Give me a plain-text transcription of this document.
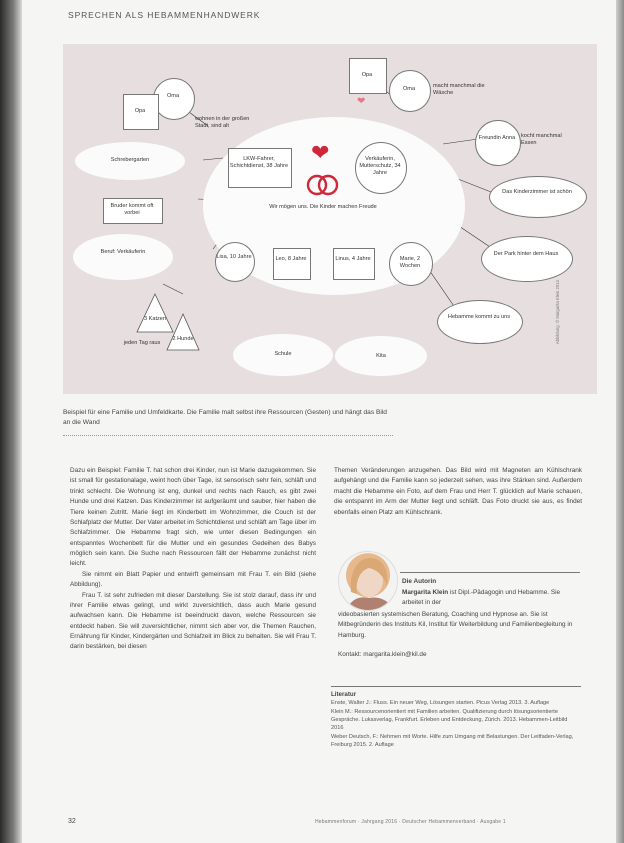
SPRECHEN ALS HEBAMMENHANDWERK
Schrebergarten
Beruf: Verkäuferin
Schule	Kita
Oma
Opa
wohnen in der großen Stadt, sind alt
Opa
Oma	macht manchmal die Wäsche
❤
Bruder kommt oft vorbei
LKW-Fahrer, Schichtdienst, 38 Jahre
Verkäuferin, Mutterschutz, 34 Jahre
❤
Wir mögen uns. Die Kinder machen Freude
Lisa, 10 Jahre	Leo, 8 Jahre	Linus, 4 Jahre	Marie, 2 Wochen
Freundin Anna	kocht manchmal Essen
Das Kinderzimmer ist schön
Der Park hinter dem Haus
Hebamme kommt zu uns
3 Katzen
2 Hunde
jeden Tag raus	Abbildung: © Margarita Klein 2014
Beispiel für eine Familie und Umfeldkarte. Die Familie malt selbst ihre Ressourcen (Gesten) und hängt das Bild an die Wand

Dazu ein Beispiel: Familie T. hat schon drei Kinder, nun ist Marie dazugekommen. Sie ist small für gestationalage, weint hoch über Tage, ist sensorisch sehr fein, schläft und trinkt schlecht. Die Wohnung ist eng, dunkel und rechts nach Rauch, es gibt zwei Hunde und drei Katzen. Das Kinderzimmer ist aufgeräumt und sauber, hier haben die Tiere keinen Zutritt. Marie liegt im Kinderbett im Wohnzimmer, die Couch ist der Schlafplatz der Mutter. Der Vater arbeitet im Schichtdienst und schläft am Tage über im Schlafzimmer. Die Hebamme fragt sich, wie unter diesen Bedingungen ein entspanntes Wochenbett für die Mutter und ein gesundes Gedeihen des Babys möglich sein kann. Die Suche nach Ressourcen fällt der Hebamme zunächst nicht leicht.

Sie nimmt ein Blatt Papier und entwirft gemeinsam mit Frau T. ein Bild (siehe Abbildung).

Frau T. ist sehr zufrieden mit dieser Darstellung. Sie ist stolz darauf, dass ihr und ihrer Familie etwas gelingt, und wirkt zuversichtlich, dass auch Marie gesund aufwachsen kann. Die Hebamme ist beeindruckt davon, welche Ressourcen sie entdeckt haben. Sie will zuversichtlicher, nimmt sich aber vor, die Themen Rauchen, Ernährung für Kinder, Kindergärten und Schlafzeit im Blick zu behalten. Sie will Frau T. darin bestärken, bei diesen

Themen Veränderungen anzugehen. Das Bild wird mit Magneten am Kühlschrank aufgehängt und die Familie kann so jederzeit sehen, was ihre Stärken sind. Außerdem macht die Hebamme ein Foto, auf dem Frau und Herr T. glücklich auf Marie schauen, die entspannt im Arm der Mutter liegt und schläft. Das Foto druckt sie aus, es findet ebenfalls einen Platz am Kühlschrank.

Die Autorin
Margarita Klein ist Dipl.-Pädagogin und Hebamme. Sie arbeitet in der
videobasierten systemischen Beratung, Coaching und Hypnose an. Sie ist Mitbegründerin des Instituts Kil, Institut für Weiterbildung und Familienbegleitung in Hamburg.
Kontakt: margarita.klein@kil.de
Literatur
Enste, Walter J.: Fluss. Ein neuer Weg, Lösungen starten. Picus Verlag 2013. 3. Auflage
Klein M.: Ressourcenorientiert mit Familien arbeiten. Qualifizierung durch lösungsorientierte Gespräche. Lukasverlag, Frankfurt. Erleben und Entdeckung, Zürich. 2013. Hebammen-Leitbild 2016
Weber Deutsch, F.: Nehmen mit Worte. Hilfe zum Umgang mit Belastungen. Der Leitfaden-Verlag, Freiburg 2015. 2. Auflage
32	Hebammenforum · Jahrgang 2016 · Deutscher Hebammenverband · Ausgabe 1
